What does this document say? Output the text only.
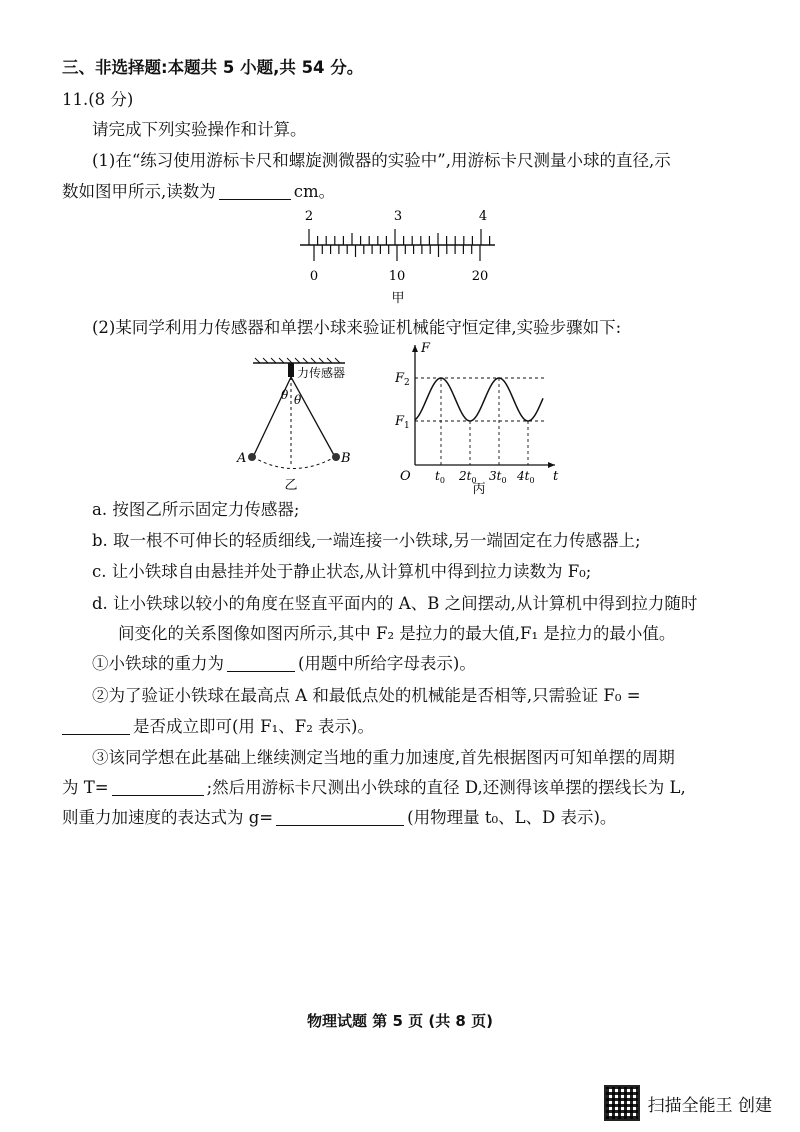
三、非选择题:本题共 5 小题,共 54 分。
11.(8 分)
请完成下列实验操作和计算。
(1)在“练习使用游标卡尺和螺旋测微器的实验中”,用游标卡尺测量小球的直径,示
数如图甲所示,读数为	cm。
2	3	4
0	10	20
甲
(2)某同学利用力传感器和单摆小球来验证机械能守恒定律,实验步骤如下:
力传感器
θ θ
A	B
乙
F
t
O
$F_2$
$F_1$
$t_0$ $2t_0$ $3t_0$ $4t_0$
丙
a. 按图乙所示固定力传感器;
b. 取一根不可伸长的轻质细线,一端连接一小铁球,另一端固定在力传感器上;
c. 让小铁球自由悬挂并处于静止状态,从计算机中得到拉力读数为 F₀;
d. 让小铁球以较小的角度在竖直平面内的 A、B 之间摆动,从计算机中得到拉力随时
间变化的关系图像如图丙所示,其中 F₂ 是拉力的最大值,F₁ 是拉力的最小值。
①小铁球的重力为	(用题中所给字母表示)。
②为了验证小铁球在最高点 A 和最低点处的机械能是否相等,只需验证 F₀ =
是否成立即可(用 F₁、F₂ 表示)。
③该同学想在此基础上继续测定当地的重力加速度,首先根据图丙可知单摆的周期
为 T=	;然后用游标卡尺测出小铁球的直径 D,还测得该单摆的摆线长为 L,
则重力加速度的表达式为 g=	(用物理量 t₀、L、D 表示)。
物理试题 第 5 页 (共 8 页)
扫描全能王 创建
